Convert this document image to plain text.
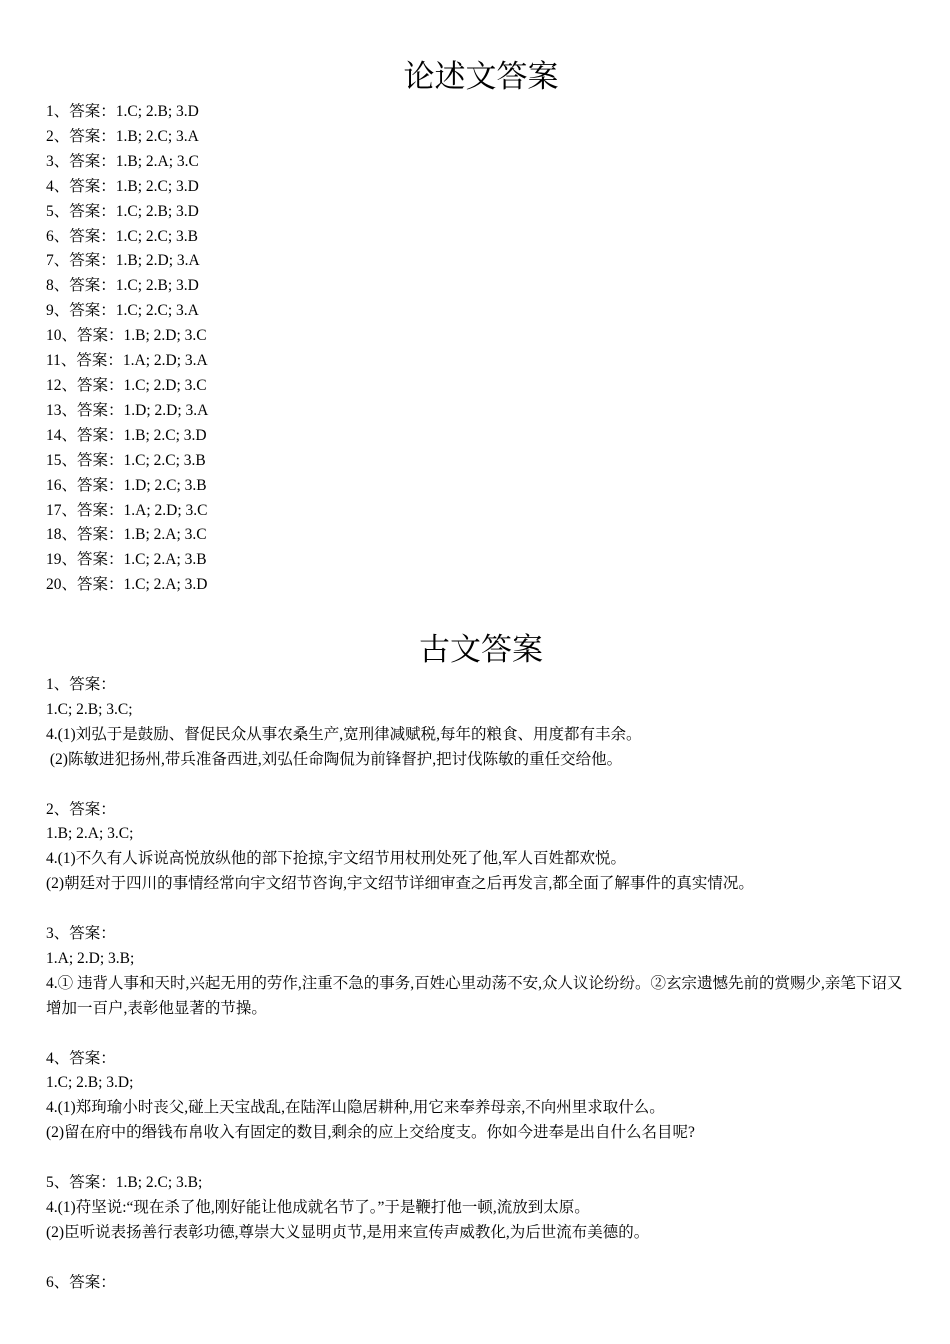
论述文答案

1、答案：1.C; 2.B; 3.D

2、答案：1.B; 2.C; 3.A

3、答案：1.B; 2.A; 3.C

4、答案：1.B; 2.C; 3.D

5、答案：1.C; 2.B; 3.D

6、答案：1.C; 2.C; 3.B

7、答案：1.B; 2.D; 3.A

8、答案：1.C; 2.B; 3.D

9、答案：1.C; 2.C; 3.A

10、答案：1.B; 2.D; 3.C

11、答案：1.A; 2.D; 3.A

12、答案：1.C; 2.D; 3.C

13、答案：1.D; 2.D; 3.A

14、答案：1.B; 2.C; 3.D

15、答案：1.C; 2.C; 3.B

16、答案：1.D; 2.C; 3.B

17、答案：1.A; 2.D; 3.C

18、答案：1.B; 2.A; 3.C

19、答案：1.C; 2.A; 3.B

20、答案：1.C; 2.A; 3.D

古文答案

1、答案：

1.C; 2.B; 3.C;

4.(1)刘弘于是鼓励、督促民众从事农桑生产,宽刑律减赋税,每年的粮食、用度都有丰余。

(2)陈敏进犯扬州,带兵准备西进,刘弘任命陶侃为前锋督护,把讨伐陈敏的重任交给他。

2、答案：

1.B; 2.A; 3.C;

4.(1)不久有人诉说高悦放纵他的部下抢掠,宇文绍节用杖刑处死了他,军人百姓都欢悦。

(2)朝廷对于四川的事情经常向宇文绍节咨询,宇文绍节详细审查之后再发言,都全面了解事件的真实情况。

3、答案：

1.A; 2.D; 3.B;

4.① 违背人事和天时,兴起无用的劳作,注重不急的事务,百姓心里动荡不安,众人议论纷纷。②玄宗遗憾先前的赏赐少,亲笔下诏又增加一百户,表彰他显著的节操。

4、答案：

1.C; 2.B; 3.D;

4.(1)郑珣瑜小时丧父,碰上天宝战乱,在陆浑山隐居耕种,用它来奉养母亲,不向州里求取什么。

(2)留在府中的缗钱布帛收入有固定的数目,剩余的应上交给度支。你如今进奉是出自什么名目呢?

5、答案：1.B; 2.C; 3.B;

4.(1)苻坚说:“现在杀了他,刚好能让他成就名节了。”于是鞭打他一顿,流放到太原。

(2)臣听说表扬善行表彰功德,尊崇大义显明贞节,是用来宣传声威教化,为后世流布美德的。

6、答案：
